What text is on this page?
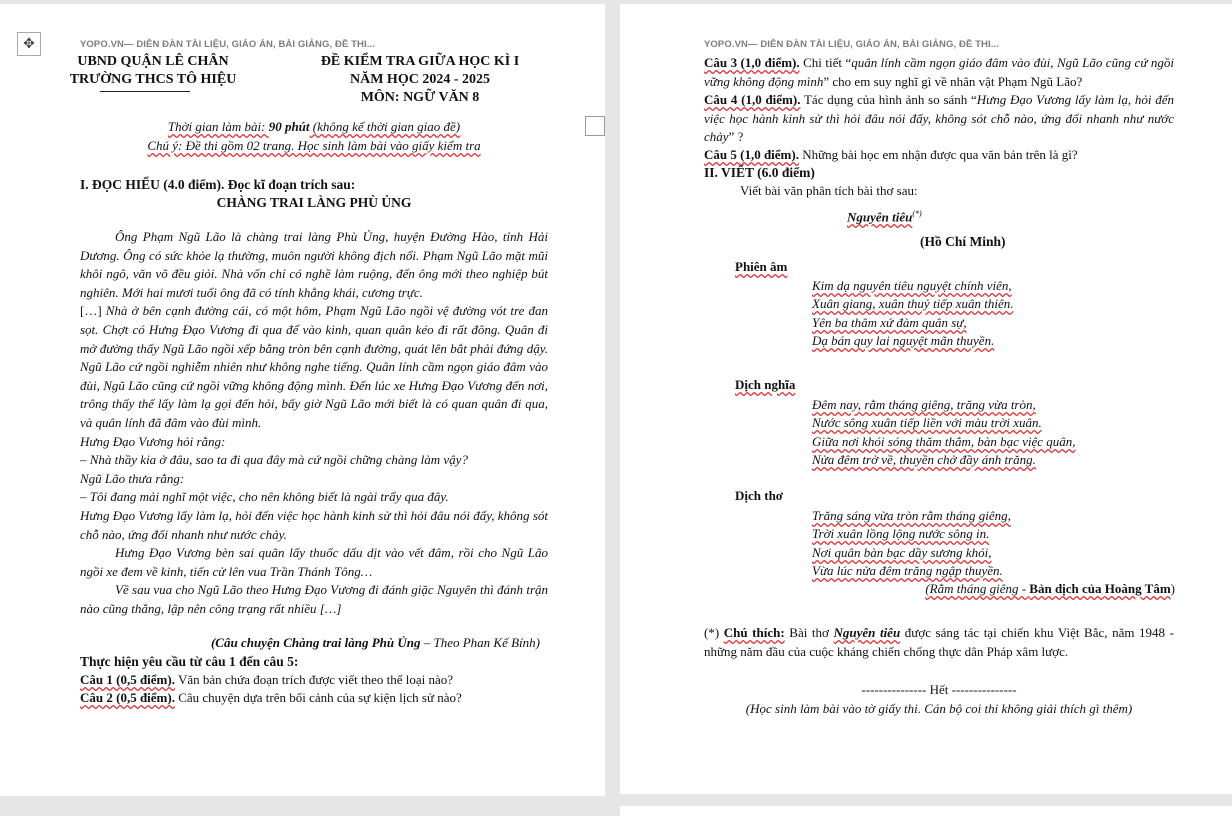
✥	YOPO.VN— DIỄN ĐÀN TÀI LIỆU, GIÁO ÁN, BÀI GIẢNG, ĐỀ THI...
UBND QUẬN LÊ CHÂN
TRƯỜNG THCS TÔ HIỆU
ĐỀ KIỂM TRA GIỮA HỌC KÌ I
NĂM HỌC 2024 - 2025
MÔN: NGỮ VĂN 8
Thời gian làm bài: 90 phút (không kể thời gian giao đề)
Chú ý: Đề thi gồm 02 trang. Học sinh làm bài vào giấy kiểm tra
I. ĐỌC HIỂU (4.0 điểm). Đọc kĩ đoạn trích sau:
CHÀNG TRAI LÀNG PHÙ ỦNG

Ông Phạm Ngũ Lão là chàng trai làng Phù Ủng, huyện Đường Hào, tỉnh Hải Dương. Ông có sức khỏe lạ thường, muôn người không địch nổi. Phạm Ngũ Lão mặt mũi khôi ngô, văn võ đều giỏi. Nhà vốn chỉ có nghề làm ruộng, đến ông mới theo nghiệp bút nghiên. Mới hai mươi tuổi ông đã có tính khẳng khái, cương trực.

[…] Nhà ở bên cạnh đường cái, có một hôm, Phạm Ngũ Lão ngồi vệ đường vót tre đan sọt. Chợt có Hưng Đạo Vương đi qua để vào kinh, quan quân kéo đi rất đông. Quân đi mở đường thấy Ngũ Lão ngồi xếp bằng tròn bên cạnh đường, quát lên bắt phải đứng dậy. Ngũ Lão cứ ngồi nghiễm nhiên như không nghe tiếng. Quân lính cầm ngọn giáo đâm vào đùi, Ngũ Lão cũng cứ ngồi vững không động mình. Đến lúc xe Hưng Đạo Vương đến nơi, trông thấy thế lấy làm lạ gọi đến hỏi, bấy giờ Ngũ Lão mới biết là có quan quân đi qua, và quân lính đã đâm vào đùi mình.

Hưng Đạo Vương hỏi rằng:

– Nhà thầy kia ở đâu, sao ta đi qua đây mà cứ ngồi chững chàng làm vậy?

Ngũ Lão thưa rằng:

– Tôi đang mải nghĩ một việc, cho nên không biết là ngài trẩy qua đây.

Hưng Đạo Vương lấy làm lạ, hỏi đến việc học hành kinh sử thì hỏi đâu nói đấy, không sót chỗ nào, ứng đối nhanh như nước chảy.

Hưng Đạo Vương bèn sai quân lấy thuốc dấu dịt vào vết đâm, rồi cho Ngũ Lão ngồi xe đem về kinh, tiến cử lên vua Trần Thánh Tông…

Về sau vua cho Ngũ Lão theo Hưng Đạo Vương đi đánh giặc Nguyên thì đánh trận nào cũng thắng, lập nên công trạng rất nhiều […]

(Câu chuyện Chàng trai làng Phù Ủng – Theo Phan Kế Bính)
Thực hiện yêu cầu từ câu 1 đến câu 5:
Câu 1 (0,5 điểm). Văn bản chứa đoạn trích được viết theo thể loại nào?
Câu 2 (0,5 điểm). Câu chuyện dựa trên bối cảnh của sự kiện lịch sử nào?
YOPO.VN— DIỄN ĐÀN TÀI LIỆU, GIÁO ÁN, BÀI GIẢNG, ĐỀ THI...
Câu 3 (1,0 điểm). Chi tiết “quân lính cầm ngọn giáo đâm vào đùi, Ngũ Lão cũng cứ ngồi vững không động mình” cho em suy nghĩ gì về nhân vật Phạm Ngũ Lão?
Câu 4 (1,0 điểm). Tác dụng của hình ảnh so sánh “Hưng Đạo Vương lấy làm lạ, hỏi đến việc học hành kinh sử thì hỏi đâu nói đấy, không sót chỗ nào, ứng đối nhanh như nước chảy” ?
Câu 5 (1,0 điểm). Những bài học em nhận được qua văn bản trên là gì?
II. VIẾT (6.0 điểm)
Viết bài văn phân tích bài thơ sau:
Nguyên tiêu(*)
(Hồ Chí Minh)
Phiên âm
Kim dạ nguyên tiêu nguyệt chính viên,
Xuân giang, xuân thuỷ tiếp xuân thiên.
Yên ba thâm xứ đàm quân sự,
Dạ bán quy lai nguyệt mãn thuyền.
Dịch nghĩa
Đêm nay, rằm tháng giêng, trăng vừa tròn,
Nước sông xuân tiếp liền với màu trời xuân.
Giữa nơi khói sóng thăm thẳm, bàn bạc việc quân,
Nửa đêm trở về, thuyền chở đầy ánh trăng.
Dịch thơ
Trăng sáng vừa tròn rằm tháng giêng,
Trời xuân lồng lộng nước sông in.
Nơi quân bàn bạc dầy sương khói,
Vừa lúc nửa đêm trăng ngập thuyền.
(Rằm tháng giêng - Bản dịch của Hoàng Tâm)
(*) Chú thích: Bài thơ Nguyên tiêu được sáng tác tại chiến khu Việt Bắc, năm 1948 - những năm đầu của cuộc kháng chiến chống thực dân Pháp xâm lược.
--------------- Hết ---------------
(Học sinh làm bài vào tờ giấy thi. Cán bộ coi thi không giải thích gì thêm)
